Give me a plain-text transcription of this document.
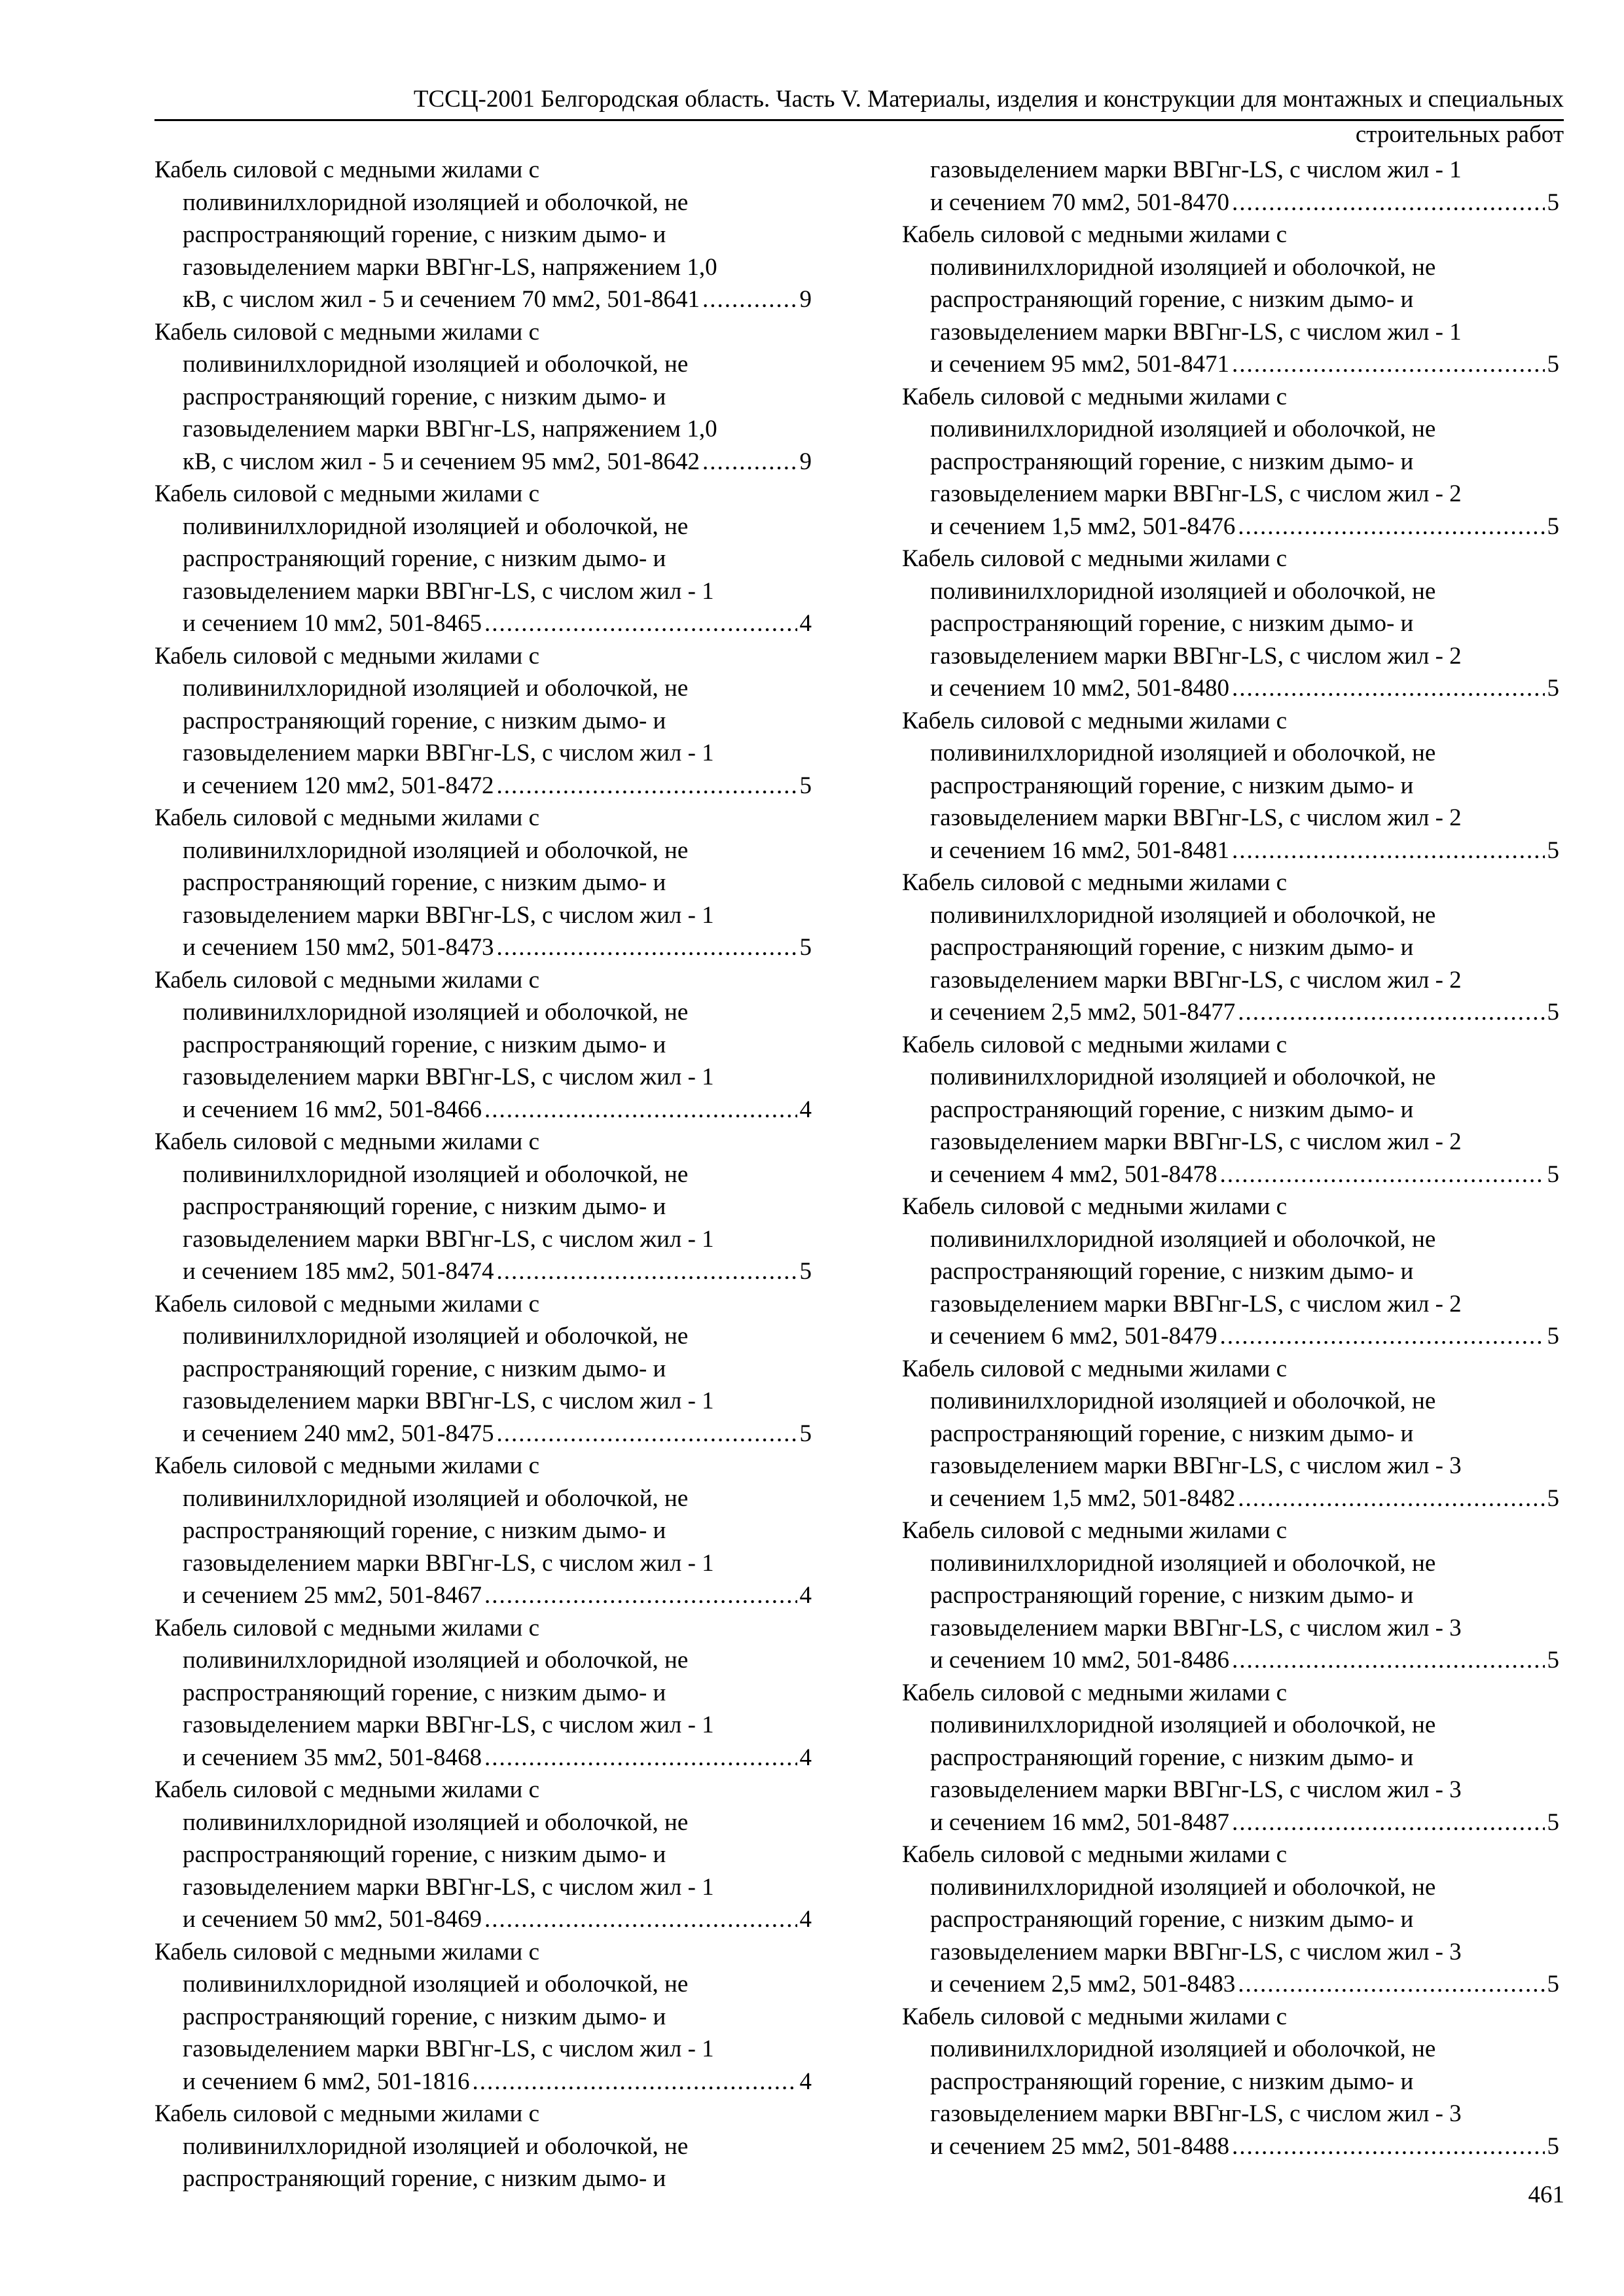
ТССЦ-2001 Белгородская область. Часть V. Материалы, изделия и конструкции для монтажных и специальных
строительных работ
Кабель силовой с медными жилами с
поливинилхлоридной изоляцией и оболочкой, не
распространяющий горение, с низким дымо- и
газовыделением марки ВВГнг-LS, напряжением 1,0
кВ, с числом жил - 5 и сечением 70 мм2, 501-8641 .....	9
Кабель силовой с медными жилами с
поливинилхлоридной изоляцией и оболочкой, не
распространяющий горение, с низким дымо- и
газовыделением марки ВВГнг-LS, напряжением 1,0
кВ, с числом жил - 5 и сечением 95 мм2, 501-8642 .....	9
Кабель силовой с медными жилами с
поливинилхлоридной изоляцией и оболочкой, не
распространяющий горение, с низким дымо- и
газовыделением марки ВВГнг-LS, с числом жил - 1
и сечением 10 мм2, 501-8465 .....	4
Кабель силовой с медными жилами с
поливинилхлоридной изоляцией и оболочкой, не
распространяющий горение, с низким дымо- и
газовыделением марки ВВГнг-LS, с числом жил - 1
и сечением 120 мм2, 501-8472 .....	5
Кабель силовой с медными жилами с
поливинилхлоридной изоляцией и оболочкой, не
распространяющий горение, с низким дымо- и
газовыделением марки ВВГнг-LS, с числом жил - 1
и сечением 150 мм2, 501-8473 .....	5
Кабель силовой с медными жилами с
поливинилхлоридной изоляцией и оболочкой, не
распространяющий горение, с низким дымо- и
газовыделением марки ВВГнг-LS, с числом жил - 1
и сечением 16 мм2, 501-8466 .....	4
Кабель силовой с медными жилами с
поливинилхлоридной изоляцией и оболочкой, не
распространяющий горение, с низким дымо- и
газовыделением марки ВВГнг-LS, с числом жил - 1
и сечением 185 мм2, 501-8474 .....	5
Кабель силовой с медными жилами с
поливинилхлоридной изоляцией и оболочкой, не
распространяющий горение, с низким дымо- и
газовыделением марки ВВГнг-LS, с числом жил - 1
и сечением 240 мм2, 501-8475 .....	5
Кабель силовой с медными жилами с
поливинилхлоридной изоляцией и оболочкой, не
распространяющий горение, с низким дымо- и
газовыделением марки ВВГнг-LS, с числом жил - 1
и сечением 25 мм2, 501-8467 .....	4
Кабель силовой с медными жилами с
поливинилхлоридной изоляцией и оболочкой, не
распространяющий горение, с низким дымо- и
газовыделением марки ВВГнг-LS, с числом жил - 1
и сечением 35 мм2, 501-8468 .....	4
Кабель силовой с медными жилами с
поливинилхлоридной изоляцией и оболочкой, не
распространяющий горение, с низким дымо- и
газовыделением марки ВВГнг-LS, с числом жил - 1
и сечением 50 мм2, 501-8469 .....	4
Кабель силовой с медными жилами с
поливинилхлоридной изоляцией и оболочкой, не
распространяющий горение, с низким дымо- и
газовыделением марки ВВГнг-LS, с числом жил - 1
и сечением 6 мм2, 501-1816 .....	4
Кабель силовой с медными жилами с
поливинилхлоридной изоляцией и оболочкой, не
распространяющий горение, с низким дымо- и
газовыделением марки ВВГнг-LS, с числом жил - 1
и сечением 70 мм2, 501-8470 .....	5
Кабель силовой с медными жилами с
поливинилхлоридной изоляцией и оболочкой, не
распространяющий горение, с низким дымо- и
газовыделением марки ВВГнг-LS, с числом жил - 1
и сечением 95 мм2, 501-8471 .....	5
Кабель силовой с медными жилами с
поливинилхлоридной изоляцией и оболочкой, не
распространяющий горение, с низким дымо- и
газовыделением марки ВВГнг-LS, с числом жил - 2
и сечением 1,5 мм2, 501-8476 .....	5
Кабель силовой с медными жилами с
поливинилхлоридной изоляцией и оболочкой, не
распространяющий горение, с низким дымо- и
газовыделением марки ВВГнг-LS, с числом жил - 2
и сечением 10 мм2, 501-8480 .....	5
Кабель силовой с медными жилами с
поливинилхлоридной изоляцией и оболочкой, не
распространяющий горение, с низким дымо- и
газовыделением марки ВВГнг-LS, с числом жил - 2
и сечением 16 мм2, 501-8481 .....	5
Кабель силовой с медными жилами с
поливинилхлоридной изоляцией и оболочкой, не
распространяющий горение, с низким дымо- и
газовыделением марки ВВГнг-LS, с числом жил - 2
и сечением 2,5 мм2, 501-8477 .....	5
Кабель силовой с медными жилами с
поливинилхлоридной изоляцией и оболочкой, не
распространяющий горение, с низким дымо- и
газовыделением марки ВВГнг-LS, с числом жил - 2
и сечением 4 мм2, 501-8478 .....	5
Кабель силовой с медными жилами с
поливинилхлоридной изоляцией и оболочкой, не
распространяющий горение, с низким дымо- и
газовыделением марки ВВГнг-LS, с числом жил - 2
и сечением 6 мм2, 501-8479 .....	5
Кабель силовой с медными жилами с
поливинилхлоридной изоляцией и оболочкой, не
распространяющий горение, с низким дымо- и
газовыделением марки ВВГнг-LS, с числом жил - 3
и сечением 1,5 мм2, 501-8482 .....	5
Кабель силовой с медными жилами с
поливинилхлоридной изоляцией и оболочкой, не
распространяющий горение, с низким дымо- и
газовыделением марки ВВГнг-LS, с числом жил - 3
и сечением 10 мм2, 501-8486 .....	5
Кабель силовой с медными жилами с
поливинилхлоридной изоляцией и оболочкой, не
распространяющий горение, с низким дымо- и
газовыделением марки ВВГнг-LS, с числом жил - 3
и сечением 16 мм2, 501-8487 .....	5
Кабель силовой с медными жилами с
поливинилхлоридной изоляцией и оболочкой, не
распространяющий горение, с низким дымо- и
газовыделением марки ВВГнг-LS, с числом жил - 3
и сечением 2,5 мм2, 501-8483 .....	5
Кабель силовой с медными жилами с
поливинилхлоридной изоляцией и оболочкой, не
распространяющий горение, с низким дымо- и
газовыделением марки ВВГнг-LS, с числом жил - 3
и сечением 25 мм2, 501-8488 .....	5
461
